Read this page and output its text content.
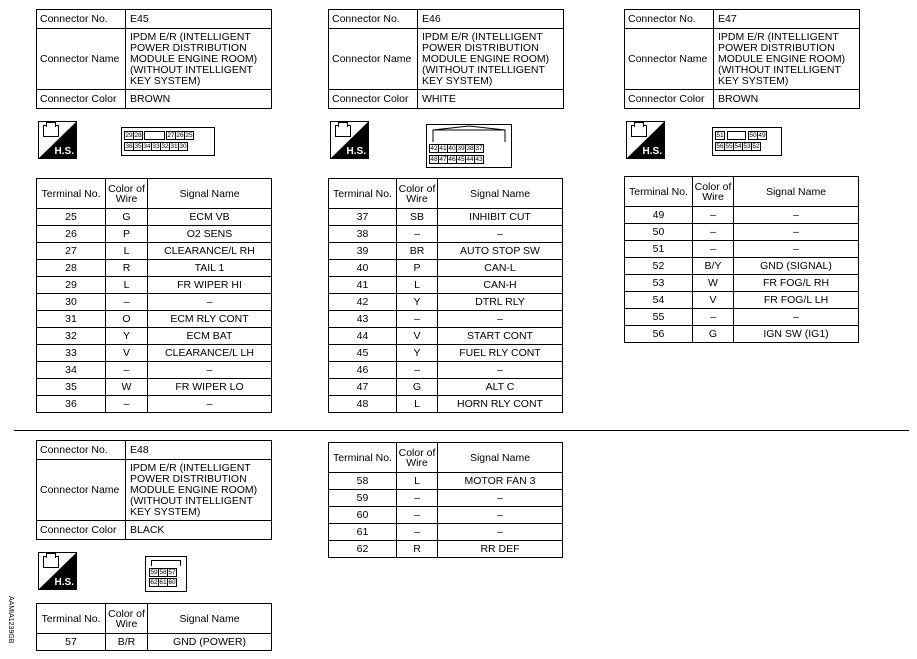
Connector No.	E45
Connector Name	IPDM E/R (INTELLIGENT POWER DISTRIBUTION MODULE ENGINE ROOM) (WITHOUT INTELLIGENT KEY SYSTEM)
Connector Color	BROWN
Connector No.	E46
Connector Name	IPDM E/R (INTELLIGENT POWER DISTRIBUTION MODULE ENGINE ROOM) (WITHOUT INTELLIGENT KEY SYSTEM)
Connector Color	WHITE
Connector No.	E47
Connector Name	IPDM E/R (INTELLIGENT POWER DISTRIBUTION MODULE ENGINE ROOM) (WITHOUT INTELLIGENT KEY SYSTEM)
Connector Color	BROWN
Connector No.	E48
Connector Name	IPDM E/R (INTELLIGENT POWER DISTRIBUTION MODULE ENGINE ROOM) (WITHOUT INTELLIGENT KEY SYSTEM)
Connector Color	BLACK
H.S.	H.S.	H.S.
H.S.
29 28	27 26 25
36 35 34 33 32 31 30	42 41 40 39 38 37
48 47 46 45 44 43
51	50 49
56 55 54 53 52
59 58 57
62 61 60
Terminal No.	Color of Wire	Signal Name
25	G	ECM VB
26	P	O2 SENS
27	L	CLEARANCE/L RH
28	R	TAIL 1
29	L	FR WIPER HI
30	–	–
31	O	ECM RLY CONT
32	Y	ECM BAT
33	V	CLEARANCE/L LH
34	–	–
35	W	FR WIPER LO
36	–	–
Terminal No.	Color of Wire	Signal Name
37	SB	INHIBIT CUT
38	–	–
39	BR	AUTO STOP SW
40	P	CAN-L
41	L	CAN-H
42	Y	DTRL RLY
43	–	–
44	V	START CONT
45	Y	FUEL RLY CONT
46	–	–
47	G	ALT C
48	L	HORN RLY CONT
Terminal No.	Color of Wire	Signal Name
49	–	–
50	–	–
51	–	–
52	B/Y	GND (SIGNAL)
53	W	FR FOG/L RH
54	V	FR FOG/L LH
55	–	–
56	G	IGN SW (IG1)
Terminal No.	Color of Wire	Signal Name
57	B/R	GND (POWER)
Terminal No.	Color of Wire	Signal Name
58	L	MOTOR FAN 3
59	–	–
60	–	–
61	–	–
62	R	RR DEF
AAMIA1239GB
